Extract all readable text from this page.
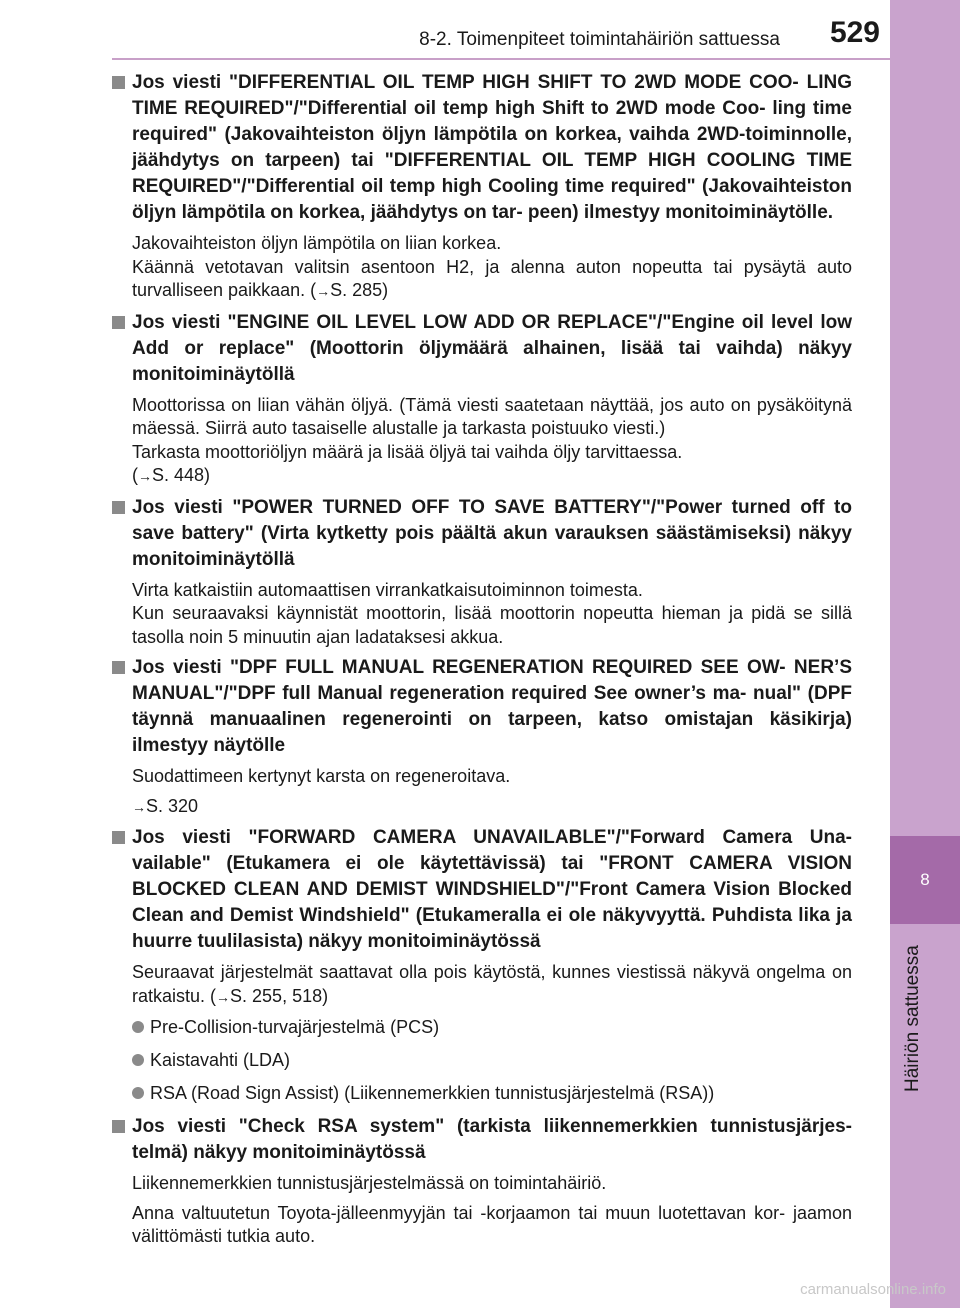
8-2. Toimenpiteet toimintahäiriön sattuessa 529
8
Häiriön sattuessa
Jos viesti "DIFFERENTIAL OIL TEMP HIGH SHIFT TO 2WD MODE COO- LING TIME REQUIRED"/"Differential oil temp high Shift to 2WD mode Coo- ling time required" (Jakovaihteiston öljyn lämpötila on korkea, vaihda 2WD-toiminnolle, jäähdytys on tarpeen) tai "DIFFERENTIAL OIL TEMP HIGH COOLING TIME REQUIRED"/"Differential oil temp high Cooling time required" (Jakovaihteiston öljyn lämpötila on korkea, jäähdytys on tar- peen) ilmestyy monitoiminäytölle.
Jakovaihteiston öljyn lämpötila on liian korkea.
Käännä vetotavan valitsin asentoon H2, ja alenna auton nopeutta tai pysäytä auto turvalliseen paikkaan. (→S. 285)
Jos viesti "ENGINE OIL LEVEL LOW ADD OR REPLACE"/"Engine oil level low Add or replace" (Moottorin öljymäärä alhainen, lisää tai vaihda) näkyy monitoiminäytöllä
Moottorissa on liian vähän öljyä. (Tämä viesti saatetaan näyttää, jos auto on pysäköitynä mäessä. Siirrä auto tasaiselle alustalle ja tarkasta poistuuko viesti.)
Tarkasta moottoriöljyn määrä ja lisää öljyä tai vaihda öljy tarvittaessa.
(→S. 448)
Jos viesti "POWER TURNED OFF TO SAVE BATTERY"/"Power turned off to save battery" (Virta kytketty pois päältä akun varauksen säästämiseksi) näkyy monitoiminäytöllä
Virta katkaistiin automaattisen virrankatkaisutoiminnon toimesta.
Kun seuraavaksi käynnistät moottorin, lisää moottorin nopeutta hieman ja pidä se sillä tasolla noin 5 minuutin ajan ladataksesi akkua.
Jos viesti "DPF FULL MANUAL REGENERATION REQUIRED SEE OW- NER’S MANUAL"/"DPF full Manual regeneration required See owner’s ma- nual" (DPF täynnä manuaalinen regenerointi on tarpeen, katso omistajan käsikirja) ilmestyy näytölle
Suodattimeen kertynyt karsta on regeneroitava.
→S. 320
Jos viesti "FORWARD CAMERA UNAVAILABLE"/"Forward Camera Una- vailable" (Etukamera ei ole käytettävissä) tai "FRONT CAMERA VISION BLOCKED CLEAN AND DEMIST WINDSHIELD"/"Front Camera Vision Blocked Clean and Demist Windshield" (Etukameralla ei ole näkyvyyttä. Puhdista lika ja huurre tuulilasista) näkyy monitoiminäytössä
Seuraavat järjestelmät saattavat olla pois käytöstä, kunnes viestissä näkyvä ongelma on ratkaistu. (→S. 255, 518)
Pre-Collision-turvajärjestelmä (PCS)
Kaistavahti (LDA)
RSA (Road Sign Assist) (Liikennemerkkien tunnistusjärjestelmä (RSA))
Jos viesti "Check RSA system" (tarkista liikennemerkkien tunnistusjärjes- telmä) näkyy monitoiminäytössä
Liikennemerkkien tunnistusjärjestelmässä on toimintahäiriö.
Anna valtuutetun Toyota-jälleenmyyjän tai -korjaamon tai muun luotettavan kor- jaamon välittömästi tutkia auto.
carmanualsonline.info
